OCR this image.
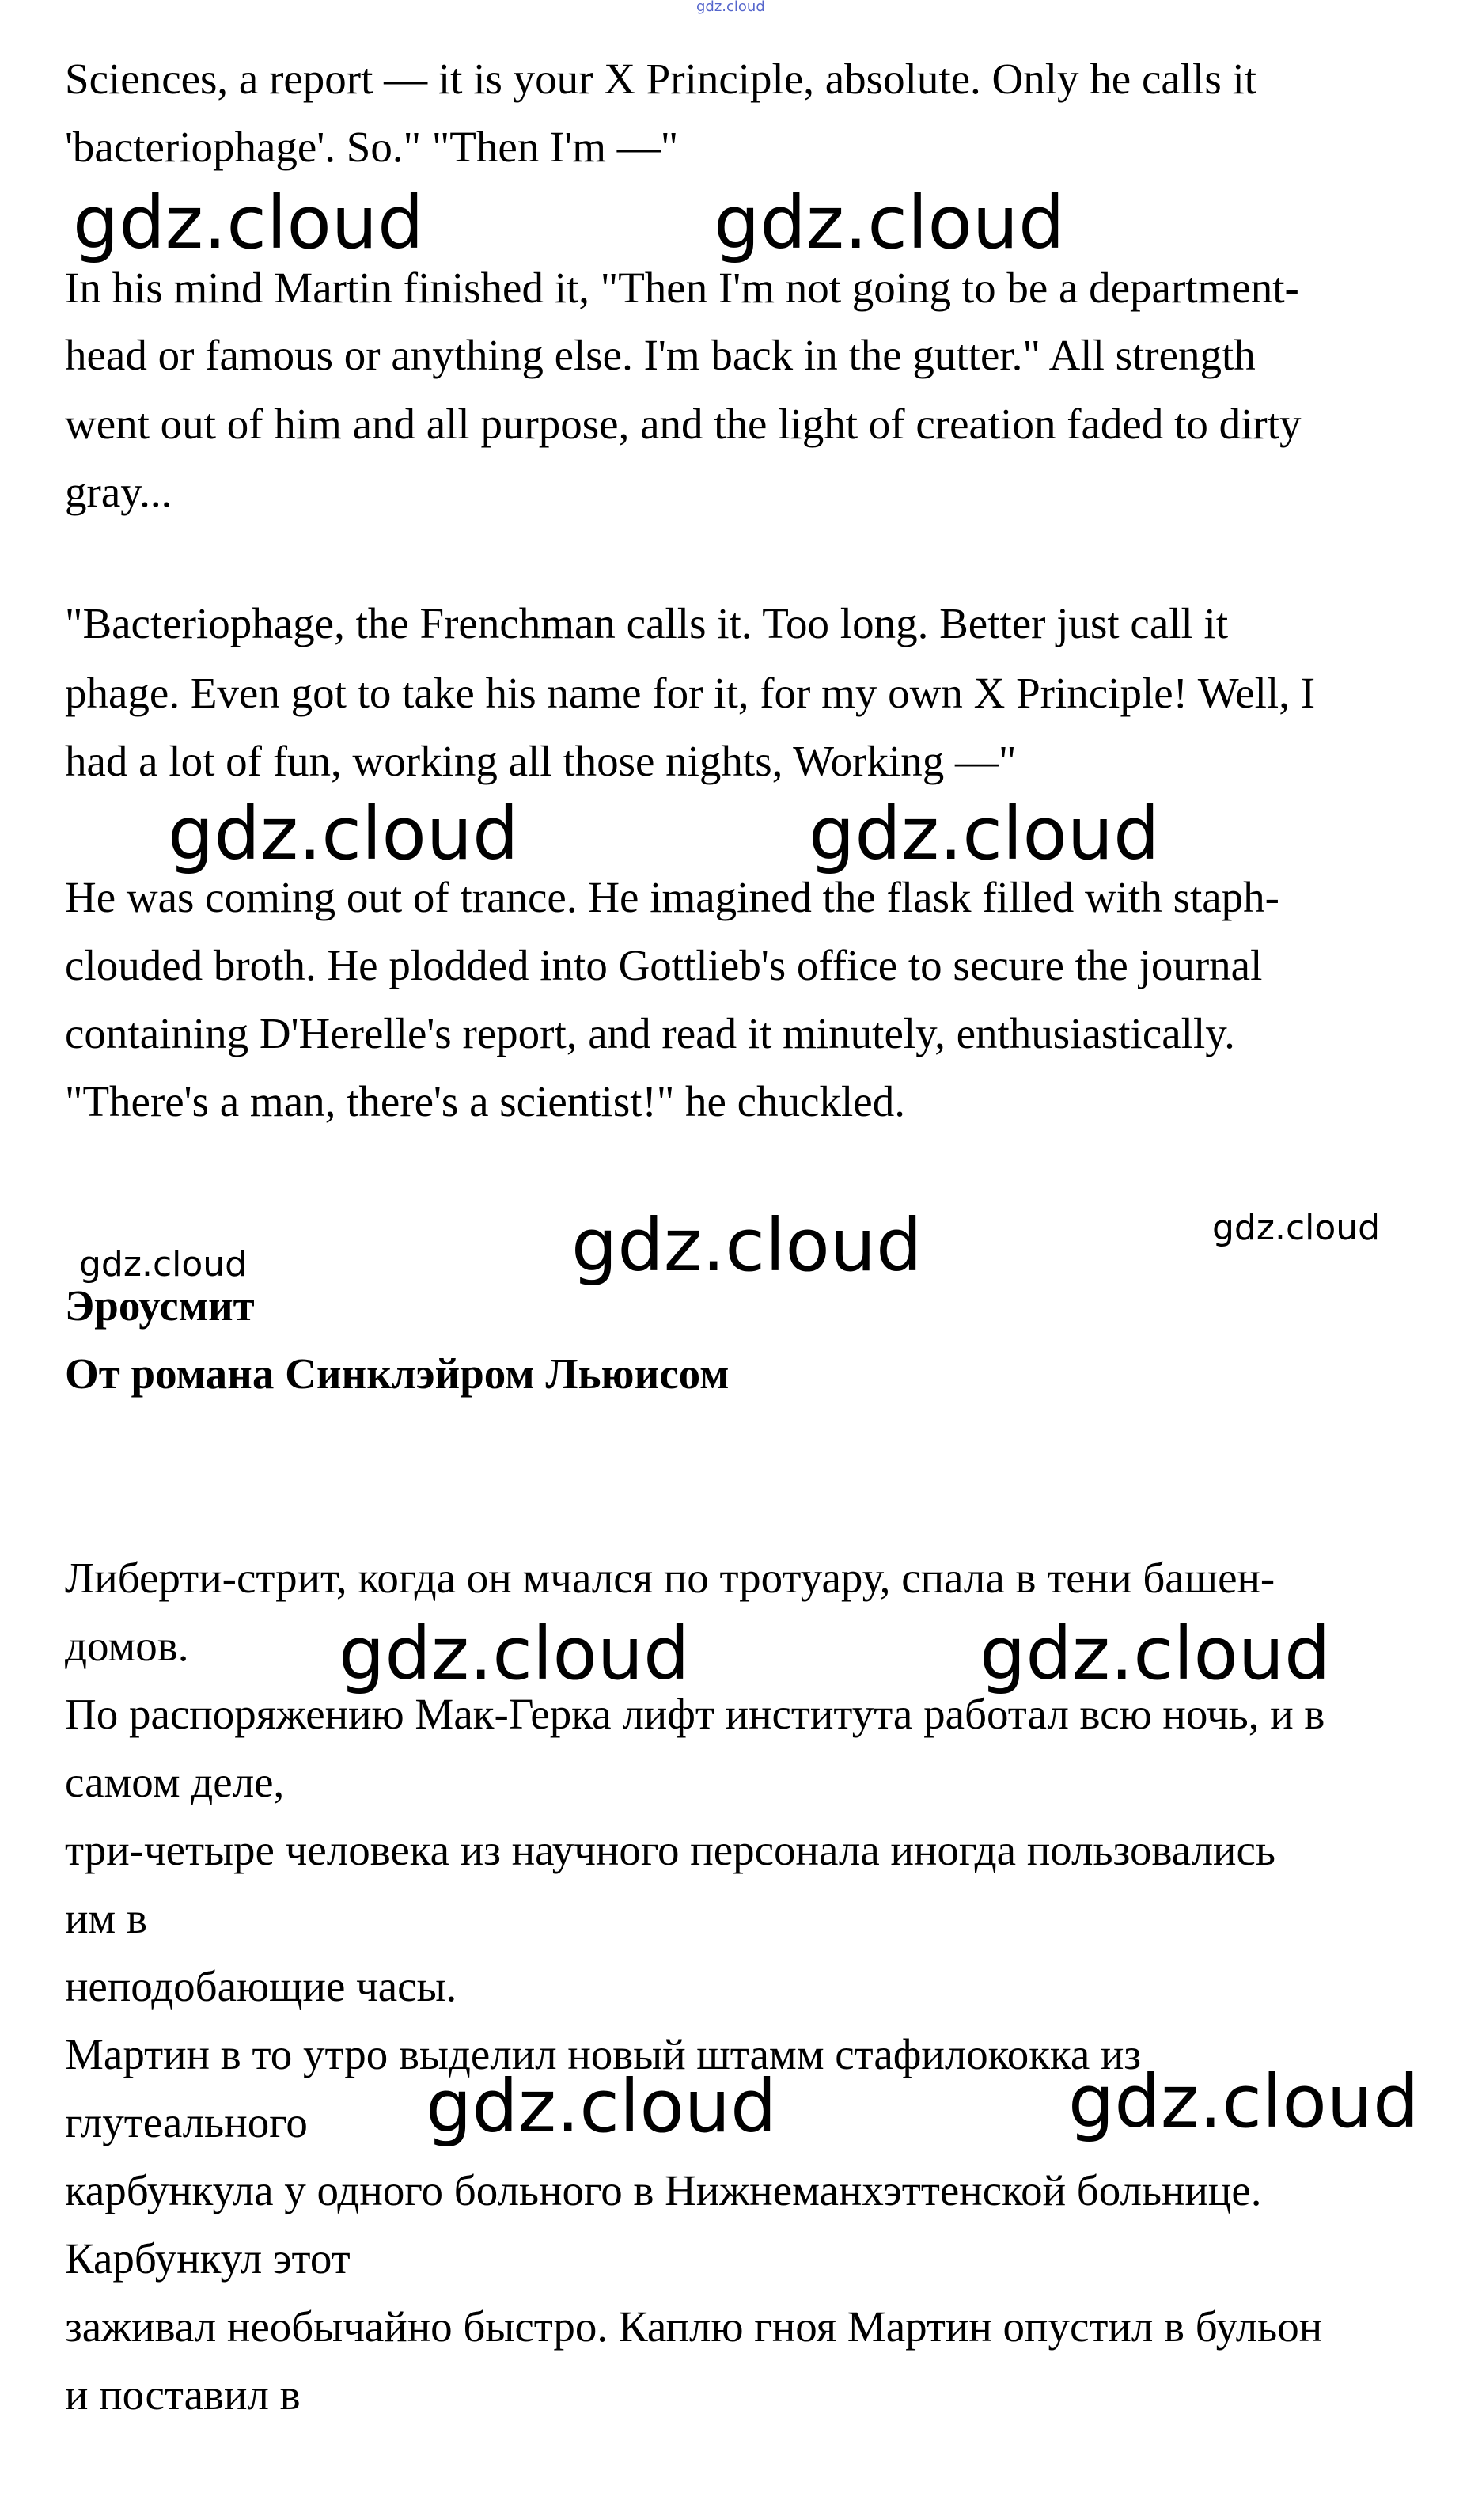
gdz.cloud
Sciences, a report — it is your X Principle, absolute. Only he calls it
'bacteriophage'. So." "Then I'm —"
gdz.cloud	gdz.cloud
In his mind Martin finished it, "Then I'm not going to be a department-
head or famous or anything else. I'm back in the gutter." All strength
went out of him and all purpose, and the light of creation faded to dirty
gray...
"Bacteriophage, the Frenchman calls it. Too long. Better just call it
phage. Even got to take his name for it, for my own X Principle! Well, I
had a lot of fun, working all those nights, Working —"
gdz.cloud	gdz.cloud
He was coming out of trance. He imagined the flask filled with staph-
clouded broth. He plodded into Gottlieb's office to secure the journal
containing D'Herelle's report, and read it minutely, enthusiastically.
"There's a man, there's a scientist!" he chuckled.
gdz.cloud	gdz.cloud
gdz.cloud
Эроусмит
От романа Синклэйром Льюисом
Либерти-стрит, когда он мчался по тротуару, спала в тени башен-
домов. gdz.cloud	gdz.cloud
По распоряжению Мак-Герка лифт института работал всю ночь, и в
самом деле,
три-четыре человека из научного персонала иногда пользовались
им в
неподобающие часы.
Мартин в то утро выделил новый штамм стафилококка из
глутеального gdz.cloud	gdz.cloud
карбункула у одного больного в Нижнеманхэттенской больнице.
Карбункул этот
заживал необычайно быстро. Каплю гноя Мартин опустил в бульон
и поставил в
